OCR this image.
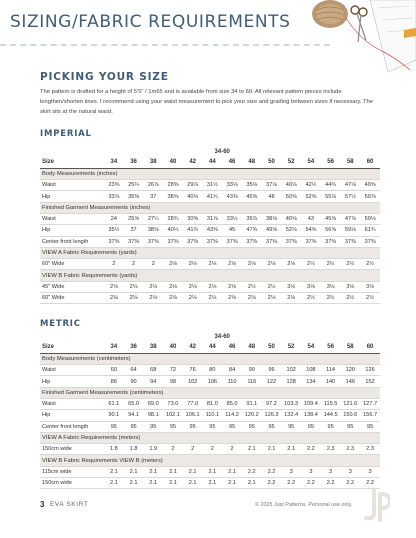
SIZING/FABRIC REQUIREMENTS
PICKING YOUR SIZE

The pattern is drafted for a height of 5’5” / 1m65 and is available from size 34 to 60. All relevant pattern pieces include lengthen/shorten lines. I recommend using your waist measurement to pick your size and grading between sizes if necessary. The skirt sits at the natural waist.

IMPERIAL
					34-60									
Size	34	36	38	40	42	44	46	48	50	52	54	56	58	60
Body Measurements (inches)														
Waist	23⅝	25¼	26⅞	28⅜	29⅞	31½	33⅛	35⅛	37⅛	40⅛	42½	44¾	47⅛	49⅝
Hip	33⅞	35⅜	37	38⅝	40⅛	41¾	43⅜	45⅝	48	50⅝	52⅝	55⅛	57½	59⅞
Finished Garment Measurements (inches)														
Waist	24	25⅝	27¼	28¾	30⅜	31⅞	33½	35⅞	38⅛	40⅝	43	45⅝	47⅞	50⅛
Hip	35½	37	38⅝	40¼	41¾	43⅜	45	47⅝	49⅝	52⅛	54⅝	56⅝	59⅛	61¾
Center front length	37⅜	37⅜	37⅜	37⅜	37⅜	37⅜	37⅜	37⅜	37⅜	37⅜	37⅜	37⅜	37⅜	37⅜
VIEW A Fabric Requirements (yards)														
60" Wide	2	2	2	2⅛	2⅛	2⅛	2⅛	2⅛	2⅛	2⅛	2½	2½	2½	2½
VIEW B Fabric Requirements (yards)														
45" Wide	2⅛	2⅛	2⅛	2⅛	2⅛	2⅛	2⅛	2½	2½	3⅛	3⅛	3⅛	3⅛	3⅛
60" Wide	2⅛	2⅛	2⅛	2⅛	2⅛	2⅛	2⅛	2⅛	2⅛	2⅛	2½	2½	2½	2½
METRIC
					34-60									
Size	34	36	38	40	42	44	46	48	50	52	54	56	58	60
Body Measurements (centimeters)														
Waist	60	64	68	72	76	80	84	90	96	102	108	114	120	126
Hip	86	90	94	98	102	106	110	116	122	128	134	140	146	152
Finished Garment Measurements (centimeters)														
Waist	61.1	65.0	69.0	73.0	77.0	81.0	85.0	91.1	97.2	103.3	109.4	115.5	121.6	127.7
Hip	90.1	94.1	98.1	102.1	106.1	110.1	114.2	120.2	126.3	132.4	138.4	144.5	150.6	156.7
Center front length	95	95	95	95	95	95	95	95	95	95	95	95	95	95
VIEW A Fabric Requirements (meters)														
150cm wide	1.8	1.8	1.9	2	2	2	2	2.1	2.1	2.1	2.2	2.3	2.3	2.3
VIEW B Fabric Requirements VIEW B (meters)														
115cm wide	2.1	2.1	2.1	2.1	2.1	2.1	2.1	2.2	2.2	3	3	3	3	3
150cm wide	2.1	2.1	2.1	2.1	2.1	2.1	2.1	2.1	2.2	2.2	2.2	2.2	2.2	2.2
3 EVA SKIRT	© 2025 Just Patterns. Personal use only.
